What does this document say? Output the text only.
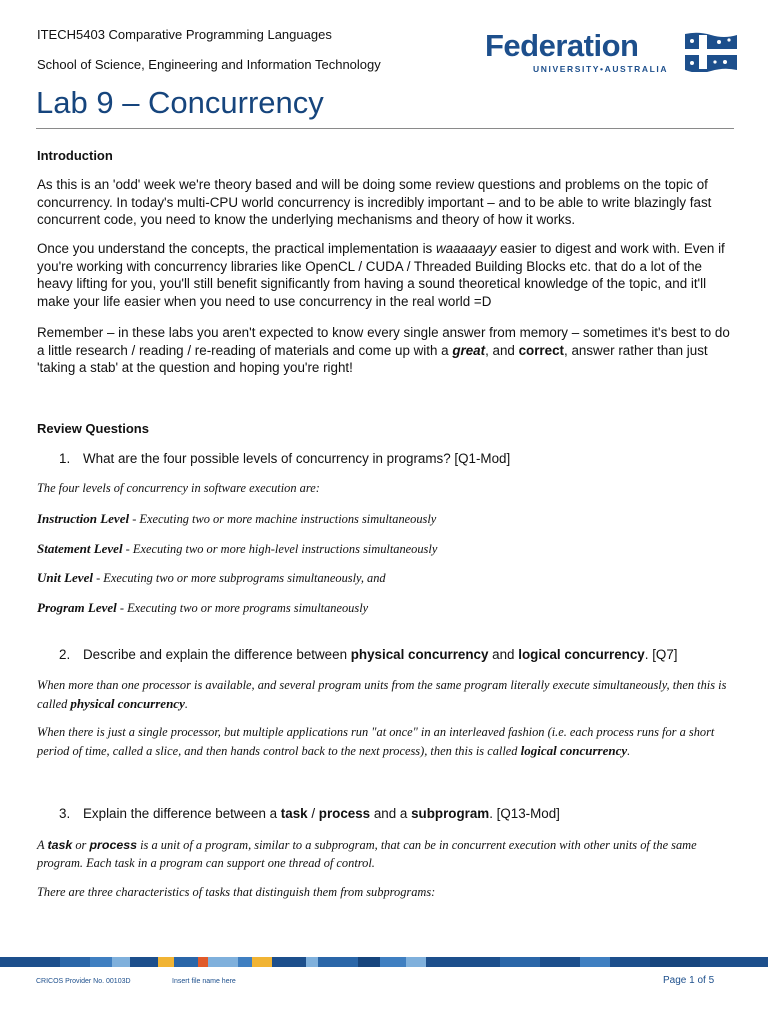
ITECH5403 Comparative Programming Languages
School of Science, Engineering and Information Technology
Lab 9 – Concurrency
Federation
UNIVERSITY•AUSTRALIA
Introduction

As this is an 'odd' week we're theory based and will be doing some review questions and problems on the topic of concurrency. In today's multi-CPU world concurrency is incredibly important – and to be able to write blazingly fast concurrent code, you need to know the underlying mechanisms and theory of how it works.

Once you understand the concepts, the practical implementation is waaaaayy easier to digest and work with. Even if you're working with concurrency libraries like OpenCL / CUDA / Threaded Building Blocks etc. that do a lot of the heavy lifting for you, you'll still benefit significantly from having a sound theoretical knowledge of the topic, and it'll make your life easier when you need to use concurrency in the real world =D

Remember – in these labs you aren't expected to know every single answer from memory – sometimes it's best to do a little research / reading / re-reading of materials and come up with a great, and correct, answer rather than just 'taking a stab' at the question and hoping you're right!

Review Questions
1. What are the four possible levels of concurrency in programs? [Q1-Mod]
The four levels of concurrency in software execution are:
Instruction Level - Executing two or more machine instructions simultaneously
Statement Level - Executing two or more high-level instructions simultaneously
Unit Level - Executing two or more subprograms simultaneously, and
Program Level - Executing two or more programs simultaneously
2. Describe and explain the difference between physical concurrency and logical concurrency. [Q7]
When more than one processor is available, and several program units from the same program literally execute simultaneously, then this is called physical concurrency.
When there is just a single processor, but multiple applications run "at once" in an interleaved fashion (i.e. each process runs for a short period of time, called a slice, and then hands control back to the next process), then this is called logical concurrency.
3. Explain the difference between a task / process and a subprogram. [Q13-Mod]
A task or process is a unit of a program, similar to a subprogram, that can be in concurrent execution with other units of the same program. Each task in a program can support one thread of control.
There are three characteristics of tasks that distinguish them from subprograms:
CRICOS Provider No. 00103D	Insert file name here	Page 1 of 5
